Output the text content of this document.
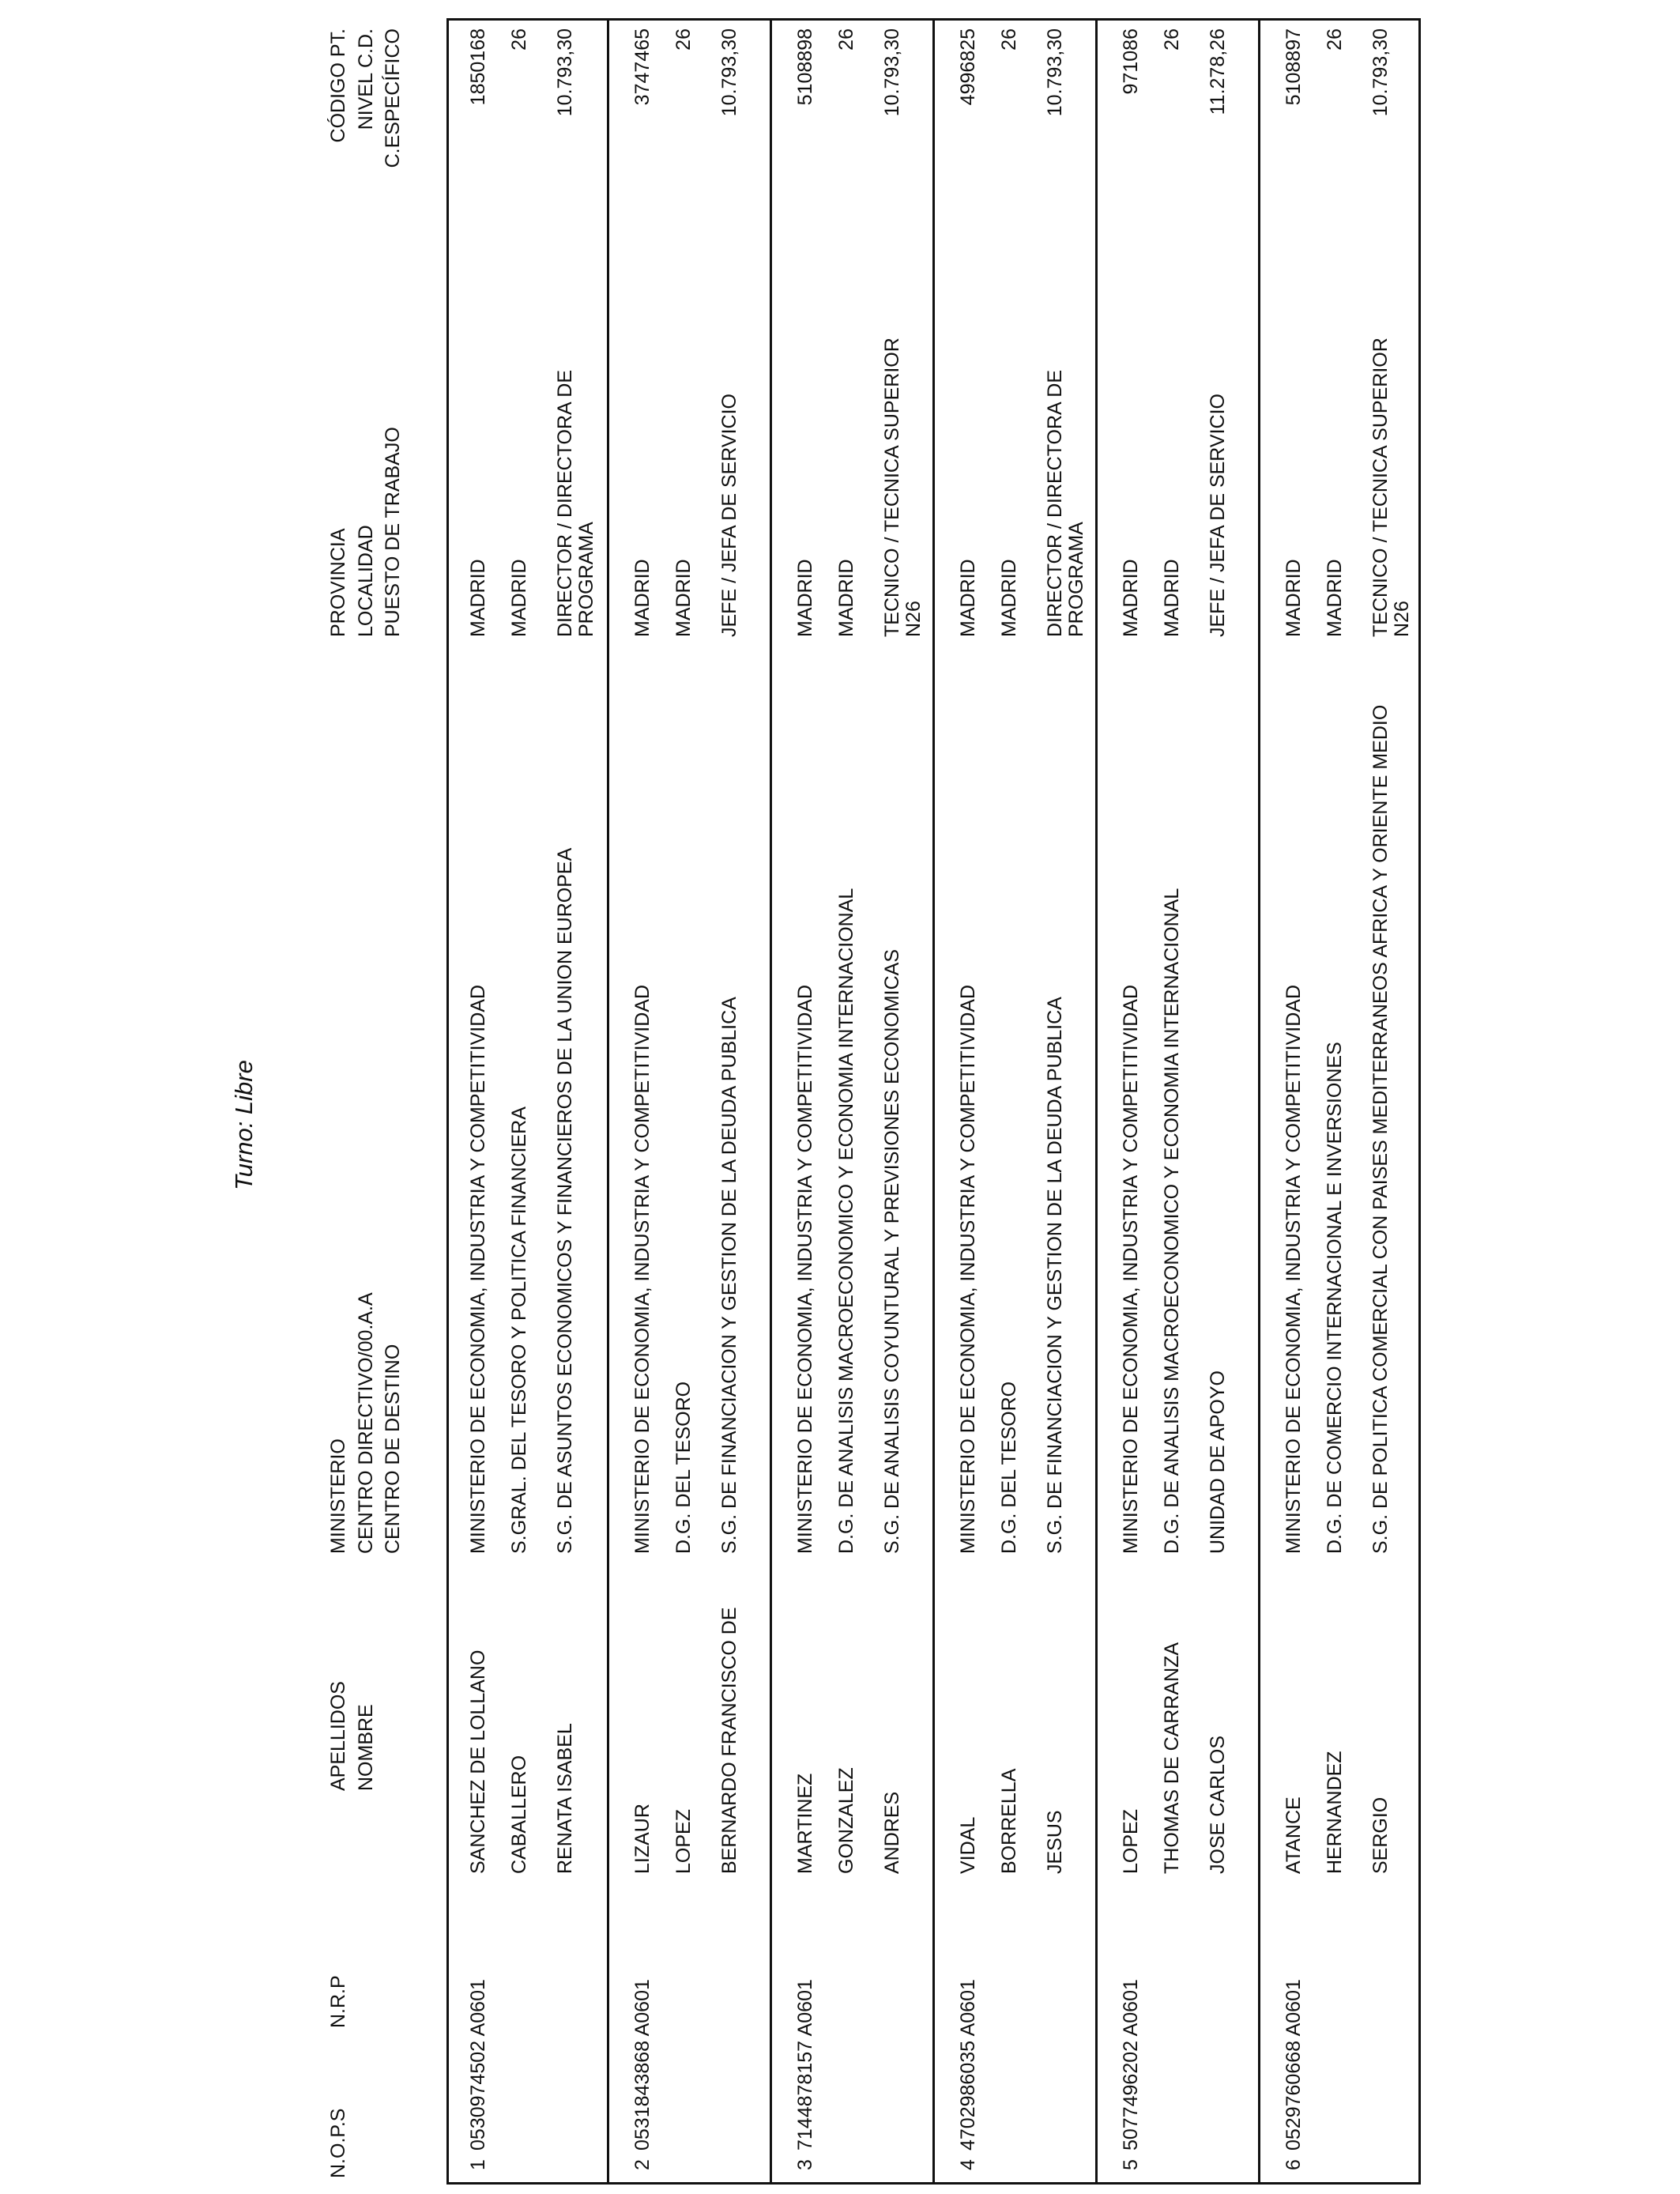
Turno: Libre
N.O.P.S
N.R.P
APELLIDOS NOMBRE
MINISTERIO CENTRO DIRECTIVO/00.A.A CENTRO DE DESTINO
PROVINCIA LOCALIDAD PUESTO DE TRABAJO
CÓDIGO PT. NIVEL C.D. C.ESPECÍFICO
1
0530974502 A0601
SANCHEZ DE LOLLANO CABALLERO RENATA ISABEL
MINISTERIO DE ECONOMIA, INDUSTRIA Y COMPETITIVIDAD S.GRAL. DEL TESORO Y POLITICA FINANCIERA S.G. DE ASUNTOS ECONOMICOS Y FINANCIEROS DE LA UNION EUROPEA
MADRID MADRID DIRECTOR / DIRECTORA DE PROGRAMA
1850168 26 10.793,30
2
0531843868 A0601
LIZAUR LOPEZ BERNARDO FRANCISCO DE
MINISTERIO DE ECONOMIA, INDUSTRIA Y COMPETITIVIDAD D.G. DEL TESORO S.G. DE FINANCIACION Y GESTION DE LA DEUDA PUBLICA
MADRID MADRID JEFE / JEFA DE SERVICIO
3747465 26 10.793,30
3
7144878157 A0601
MARTINEZ GONZALEZ ANDRES
MINISTERIO DE ECONOMIA, INDUSTRIA Y COMPETITIVIDAD D.G. DE ANALISIS MACROECONOMICO Y ECONOMIA INTERNACIONAL S.G. DE ANALISIS COYUNTURAL Y PREVISIONES ECONOMICAS
MADRID MADRID TECNICO / TECNICA SUPERIOR N26
5108898 26 10.793,30
4
4702986035 A0601
VIDAL BORRELLA JESUS
MINISTERIO DE ECONOMIA, INDUSTRIA Y COMPETITIVIDAD D.G. DEL TESORO S.G. DE FINANCIACION Y GESTION DE LA DEUDA PUBLICA
MADRID MADRID DIRECTOR / DIRECTORA DE PROGRAMA
4996825 26 10.793,30
5
5077496202 A0601
LOPEZ THOMAS DE CARRANZA JOSE CARLOS
MINISTERIO DE ECONOMIA, INDUSTRIA Y COMPETITIVIDAD D.G. DE ANALISIS MACROECONOMICO Y ECONOMIA INTERNACIONAL UNIDAD DE APOYO
MADRID MADRID JEFE / JEFA DE SERVICIO
971086 26 11.278,26
6
0529760668 A0601
ATANCE HERNANDEZ SERGIO
MINISTERIO DE ECONOMIA, INDUSTRIA Y COMPETITIVIDAD D.G. DE COMERCIO INTERNACIONAL E INVERSIONES S.G. DE POLITICA COMERCIAL CON PAISES MEDITERRANEOS AFRICA Y ORIENTE MEDIO
MADRID MADRID TECNICO / TECNICA SUPERIOR N26
5108897 26 10.793,30
